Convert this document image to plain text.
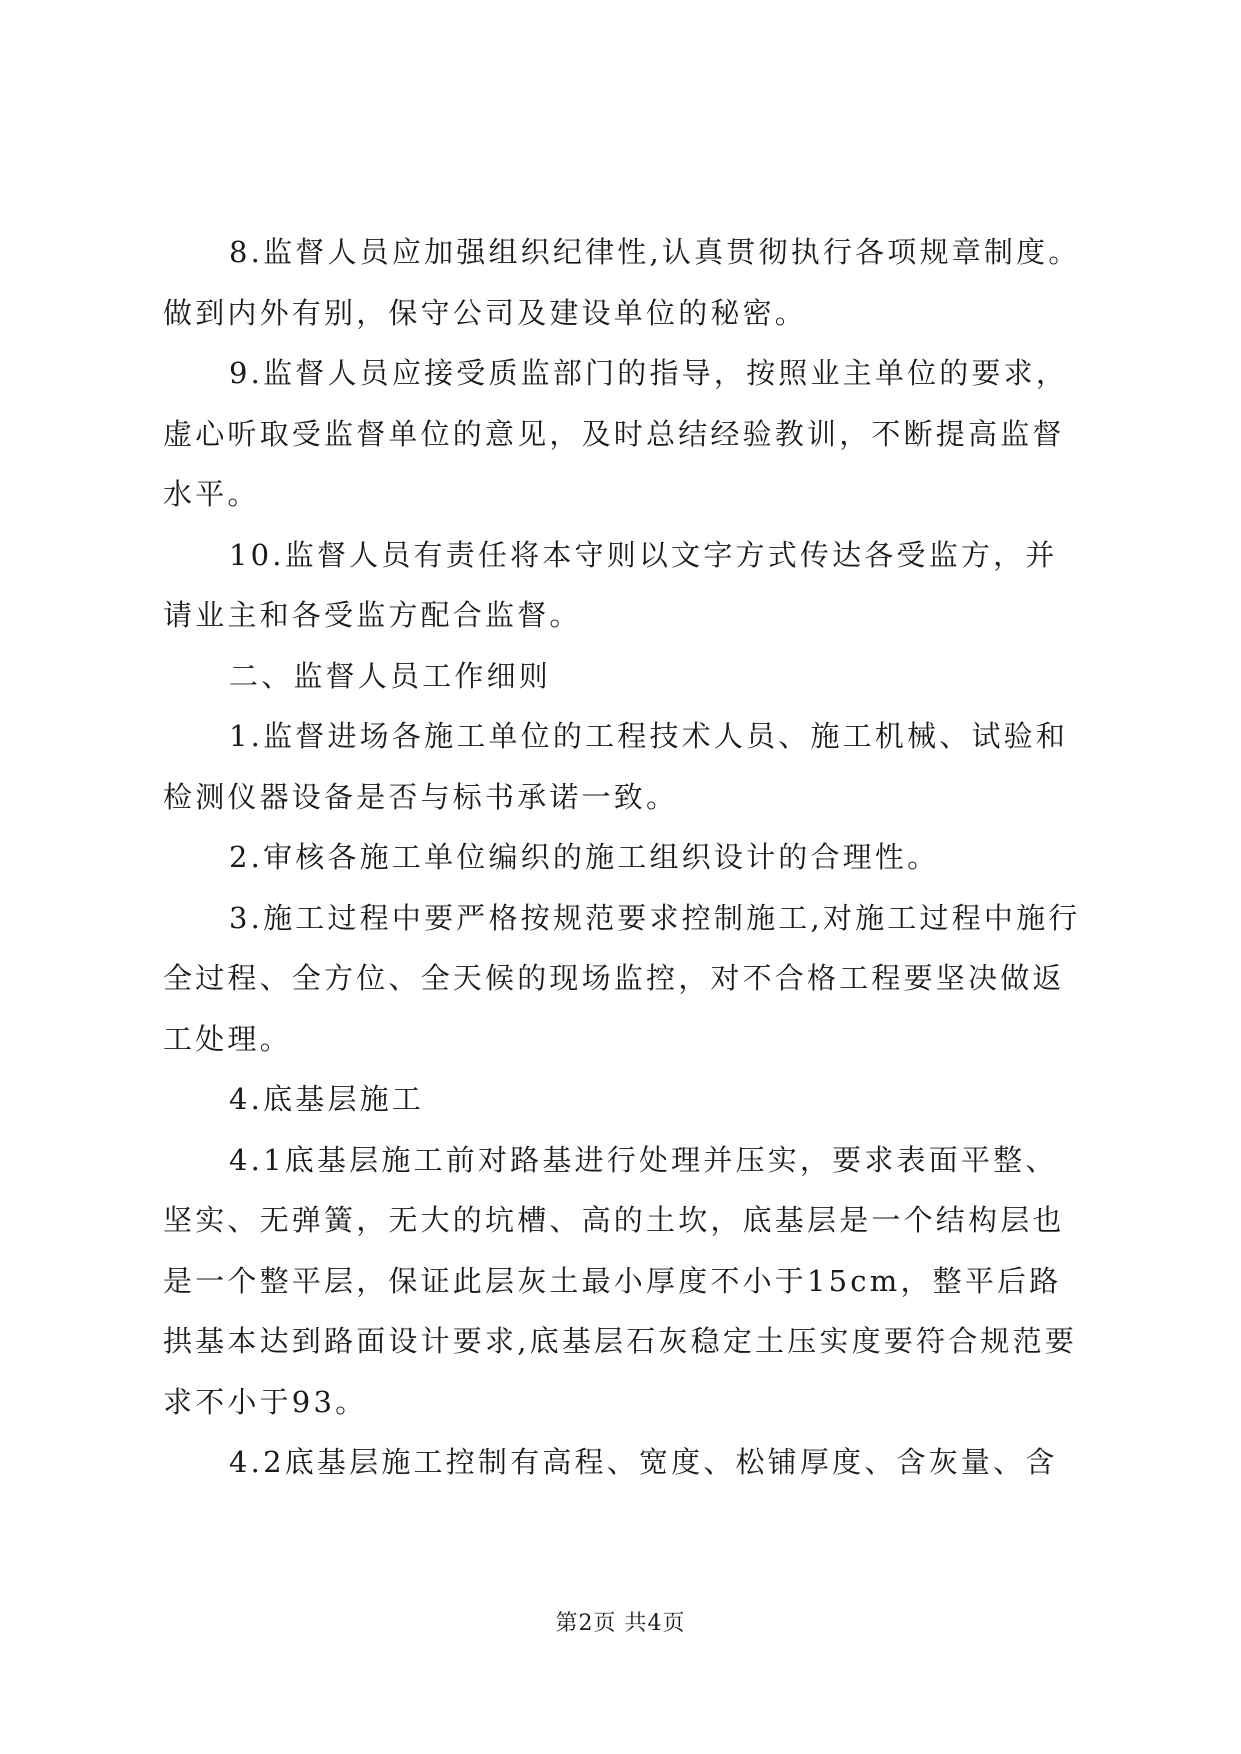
8.监督人员应加强组织纪律性,认真贯彻执行各项规章制度。做到内外有别，保守公司及建设单位的秘密。

9.监督人员应接受质监部门的指导，按照业主单位的要求，虚心听取受监督单位的意见，及时总结经验教训，不断提高监督水平。

10.监督人员有责任将本守则以文字方式传达各受监方，并请业主和各受监方配合监督。

二、监督人员工作细则

1.监督进场各施工单位的工程技术人员、施工机械、试验和检测仪器设备是否与标书承诺一致。

2.审核各施工单位编织的施工组织设计的合理性。

3.施工过程中要严格按规范要求控制施工,对施工过程中施行全过程、全方位、全天候的现场监控，对不合格工程要坚决做返工处理。

4.底基层施工

4.1底基层施工前对路基进行处理并压实，要求表面平整、坚实、无弹簧，无大的坑槽、高的土坎，底基层是一个结构层也是一个整平层，保证此层灰土最小厚度不小于15cm，整平后路拱基本达到路面设计要求,底基层石灰稳定土压实度要符合规范要求不小于93。

4.2底基层施工控制有高程、宽度、松铺厚度、含灰量、含

第2页 共4页
